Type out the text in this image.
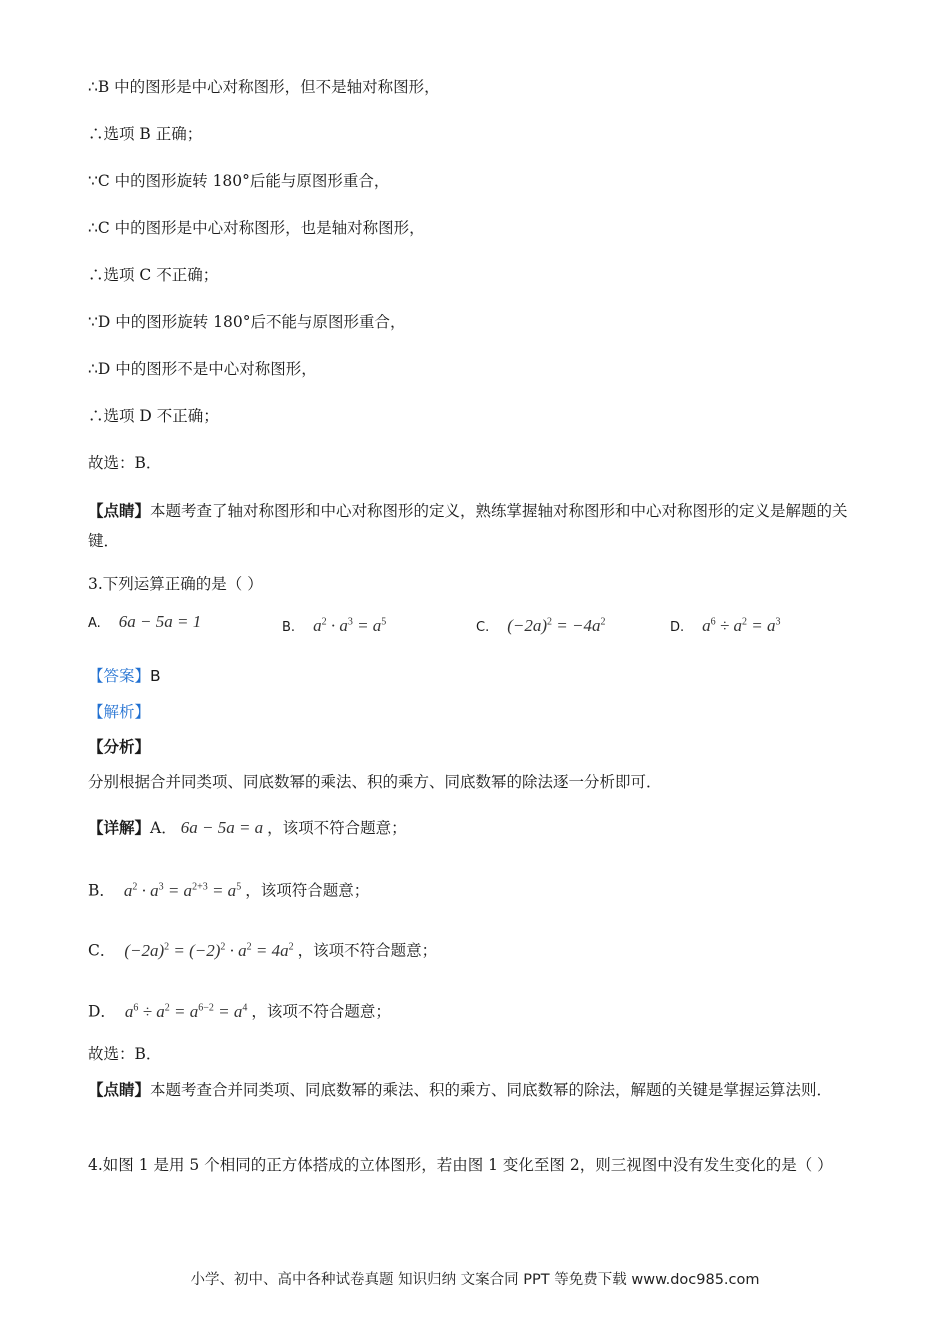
∴B 中的图形是中心对称图形，但不是轴对称图形，
∴选项 B 正确；
∵C 中的图形旋转 180°后能与原图形重合，
∴C 中的图形是中心对称图形，也是轴对称图形，
∴选项 C 不正确；
∵D 中的图形旋转 180°后不能与原图形重合，
∴D 中的图形不是中心对称图形，
∴选项 D 不正确；
故选：B．
【点睛】本题考查了轴对称图形和中心对称图形的定义，熟练掌握轴对称图形和中心对称图形的定义是解题的关键．
3.下列运算正确的是（ ）
A. 6a − 5a = 1	B. $a^2 \cdot a^3 = a^5$	C. $(-2a)^2 = -4a^2$	D. $a^6 \div a^2 = a^3$
【答案】B
【解析】
【分析】
分别根据合并同类项、同底数幂的乘法、积的乘方、同底数幂的除法逐一分析即可．
【详解】A． 6a − 5a = a ，该项不符合题意；
B． $a^2 \cdot a^3 = a^{2+3} = a^5$ ，该项符合题意；
C． $(-2a)^2 = (-2)^2 \cdot a^2 = 4a^2$ ，该项不符合题意；
D． $a^6 \div a^2 = a^{6-2} = a^4$ ，该项不符合题意；
故选：B．
【点睛】本题考查合并同类项、同底数幂的乘法、积的乘方、同底数幂的除法，解题的关键是掌握运算法则．
4.如图 1 是用 5 个相同的正方体搭成的立体图形，若由图 1 变化至图 2，则三视图中没有发生变化的是（ ）
小学、初中、高中各种试卷真题 知识归纳 文案合同 PPT 等免费下载 www.doc985.com
